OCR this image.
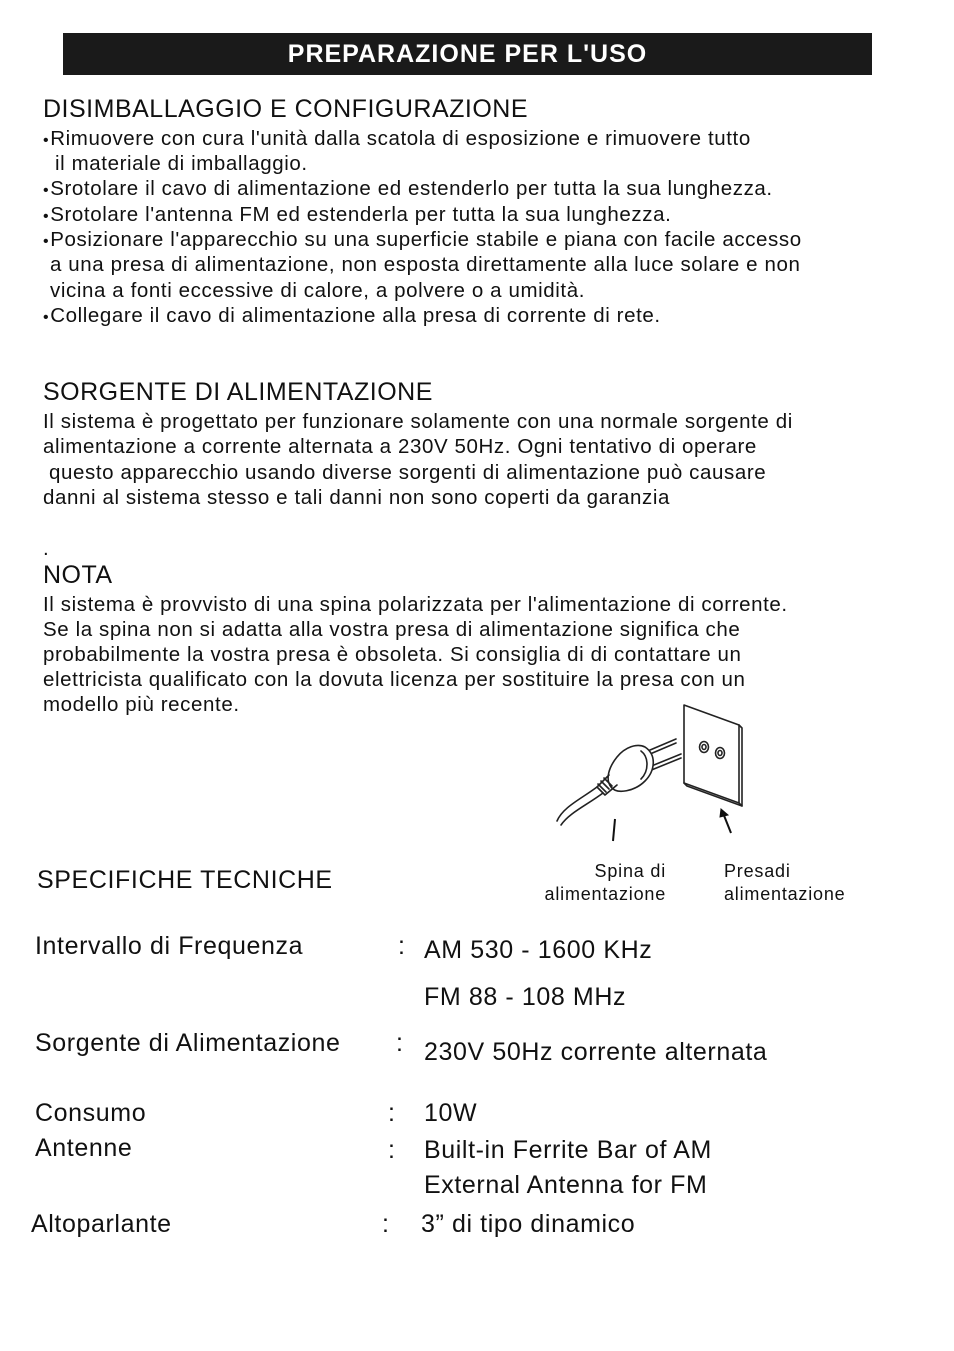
PREPARAZIONE PER L'USO
DISIMBALLAGGIO E CONFIGURAZIONE
• Rimuovere con cura l'unità dalla scatola di esposizione e rimuovere tutto
il materiale di imballaggio.
• Srotolare il cavo di alimentazione ed estenderlo per tutta la sua lunghezza.
• Srotolare l'antenna FM ed estenderla per tutta la sua lunghezza.
• Posizionare l'apparecchio su una superficie stabile e piana con facile accesso
a una presa di alimentazione, non esposta direttamente alla luce solare e non
vicina a fonti eccessive di calore, a polvere o a umidità.
• Collegare il cavo di alimentazione alla presa di corrente di rete.
SORGENTE DI ALIMENTAZIONE
Il sistema è progettato per funzionare solamente con una normale sorgente di
alimentazione a corrente alternata a 230V 50Hz. Ogni tentativo di operare
questo apparecchio usando diverse sorgenti di alimentazione può causare
danni al sistema stesso e tali danni non sono coperti da garanzia
.
NOTA
Il sistema è provvisto di una spina polarizzata per l'alimentazione di corrente.
Se la spina non si adatta alla vostra presa di alimentazione significa che
probabilmente la vostra presa è obsoleta. Si consiglia di di contattare un
elettricista qualificato con la dovuta licenza per sostituire la presa con un
modello più recente.
Spina di
alimentazione
Presadi
alimentazione
SPECIFICHE TECNICHE
Intervallo di Frequenza	: AM 530 - 1600 KHz
FM 88 - 108 MHz
Sorgente di Alimentazione : 230V 50Hz corrente alternata
Consumo	: 10W
Antenne	: Built-in Ferrite Bar of AM
External Antenna for FM
Altoparlante	: 3” di tipo dinamico
